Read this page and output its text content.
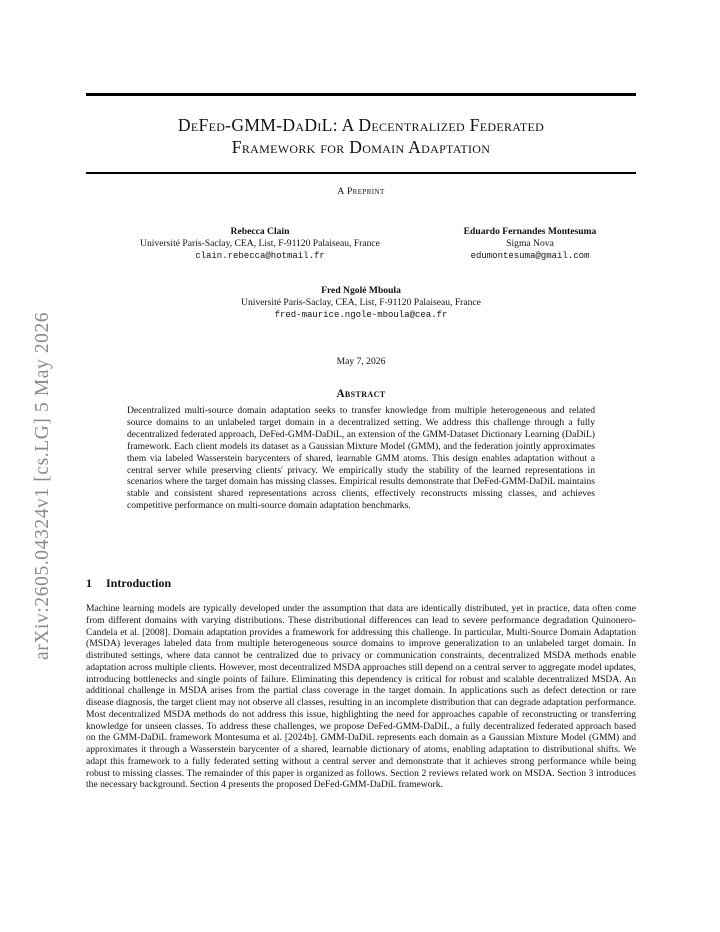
arXiv:2605.04324v1 [cs.LG] 5 May 2026
DeFed-GMM-DaDiL: A Decentralized Federated
Framework for Domain Adaptation
A Preprint
Rebecca Clain
Université Paris-Saclay, CEA, List, F-91120 Palaiseau, France
clain.rebecca@hotmail.fr
Eduardo Fernandes Montesuma
Sigma Nova
edumontesuma@gmail.com
Fred Ngolè Mboula
Université Paris-Saclay, CEA, List, F-91120 Palaiseau, France
fred-maurice.ngole-mboula@cea.fr
May 7, 2026
Abstract

Decentralized multi-source domain adaptation seeks to transfer knowledge from multiple heterogeneous and related source domains to an unlabeled target domain in a decentralized setting. We address this challenge through a fully decentralized federated approach, DeFed-GMM-DaDiL, an extension of the GMM-Dataset Dictionary Learning (DaDiL) framework. Each client models its dataset as a Gaussian Mixture Model (GMM), and the federation jointly approximates them via labeled Wasserstein barycenters of shared, learnable GMM atoms. This design enables adaptation without a central server while preserving clients' privacy. We empirically study the stability of the learned representations in scenarios where the target domain has missing classes. Empirical results demonstrate that DeFed-GMM-DaDiL maintains stable and consistent shared representations across clients, effectively reconstructs missing classes, and achieves competitive performance on multi-source domain adaptation benchmarks.

1 Introduction

Machine learning models are typically developed under the assumption that data are identically distributed, yet in practice, data often come from different domains with varying distributions. These distributional differences can lead to severe performance degradation Quinonero-Candela et al. [2008]. Domain adaptation provides a framework for addressing this challenge. In particular, Multi-Source Domain Adaptation (MSDA) leverages labeled data from multiple heterogeneous source domains to improve generalization to an unlabeled target domain. In distributed settings, where data cannot be centralized due to privacy or communication constraints, decentralized MSDA methods enable adaptation across multiple clients. However, most decentralized MSDA approaches still depend on a central server to aggregate model updates, introducing bottlenecks and single points of failure. Eliminating this dependency is critical for robust and scalable decentralized MSDA. An additional challenge in MSDA arises from the partial class coverage in the target domain. In applications such as defect detection or rare disease diagnosis, the target client may not observe all classes, resulting in an incomplete distribution that can degrade adaptation performance. Most decentralized MSDA methods do not address this issue, highlighting the need for approaches capable of reconstructing or transferring knowledge for unseen classes. To address these challenges, we propose DeFed-GMM-DaDiL, a fully decentralized federated approach based on the GMM-DaDiL framework Montesuma et al. [2024b]. GMM-DaDiL represents each domain as a Gaussian Mixture Model (GMM) and approximates it through a Wasserstein barycenter of a shared, learnable dictionary of atoms, enabling adaptation to distributional shifts. We adapt this framework to a fully federated setting without a central server and demonstrate that it achieves strong performance while being robust to missing classes. The remainder of this paper is organized as follows. Section 2 reviews related work on MSDA. Section 3 introduces the necessary background. Section 4 presents the proposed DeFed-GMM-DaDiL framework.
